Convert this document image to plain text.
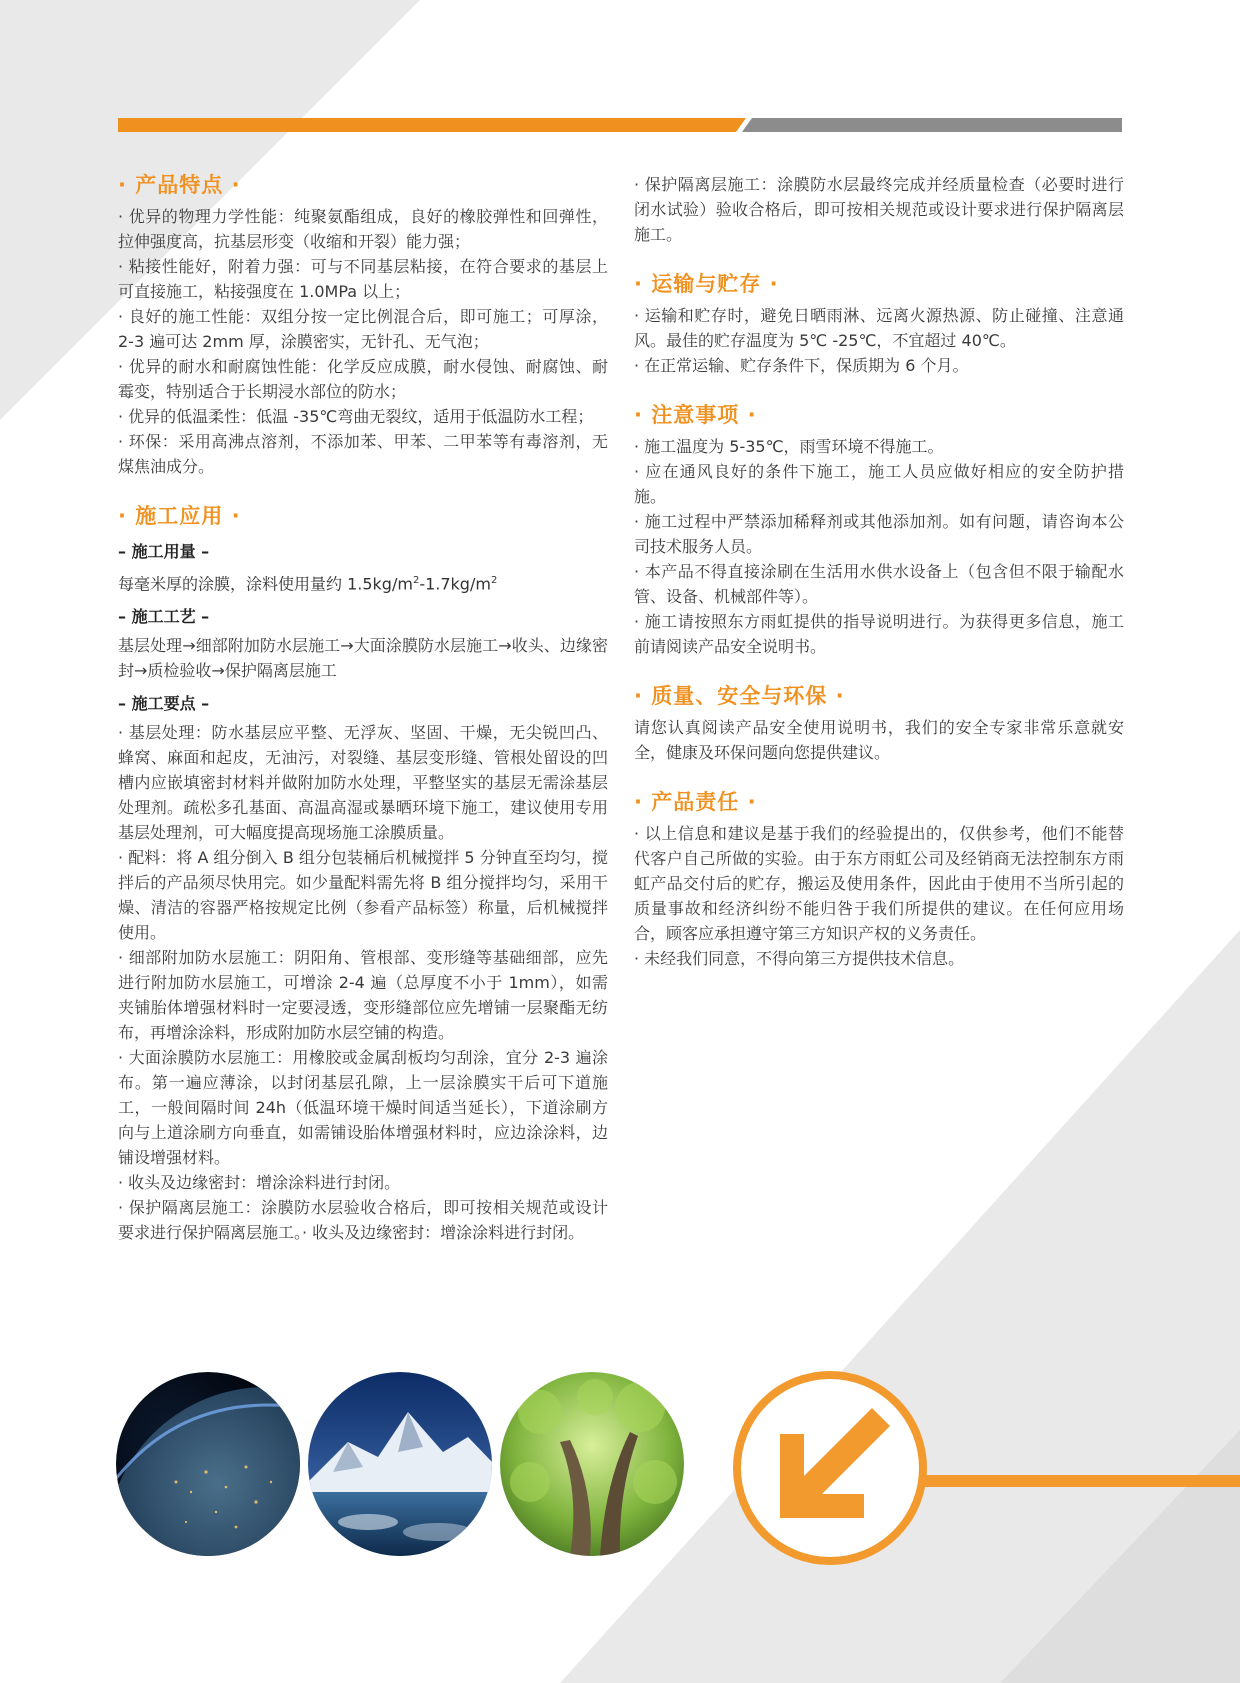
· 产品特点 ·

· 优异的物理力学性能：纯聚氨酯组成，良好的橡胶弹性和回弹性，拉伸强度高，抗基层形变（收缩和开裂）能力强；

· 粘接性能好，附着力强：可与不同基层粘接，在符合要求的基层上可直接施工，粘接强度在 1.0MPa 以上；

· 良好的施工性能：双组分按一定比例混合后，即可施工；可厚涂，2-3 遍可达 2mm 厚，涂膜密实，无针孔、无气泡；

· 优异的耐水和耐腐蚀性能：化学反应成膜，耐水侵蚀、耐腐蚀、耐霉变，特别适合于长期浸水部位的防水；

· 优异的低温柔性：低温 -35℃弯曲无裂纹，适用于低温防水工程；

· 环保：采用高沸点溶剂，不添加苯、甲苯、二甲苯等有毒溶剂，无煤焦油成分。

· 施工应用 ·
– 施工用量 –

每毫米厚的涂膜，涂料使用量约 $1.5kg/m^2-1.7kg/m^2$

– 施工工艺 –

基层处理→细部附加防水层施工→大面涂膜防水层施工→收头、边缘密封→质检验收→保护隔离层施工

– 施工要点 –

· 基层处理：防水基层应平整、无浮灰、坚固、干燥，无尖锐凹凸、蜂窝、麻面和起皮，无油污，对裂缝、基层变形缝、管根处留设的凹槽内应嵌填密封材料并做附加防水处理，平整坚实的基层无需涂基层处理剂。疏松多孔基面、高温高湿或暴晒环境下施工，建议使用专用基层处理剂，可大幅度提高现场施工涂膜质量。

· 配料：将 A 组分倒入 B 组分包装桶后机械搅拌 5 分钟直至均匀，搅拌后的产品须尽快用完。如少量配料需先将 B 组分搅拌均匀，采用干燥、清洁的容器严格按规定比例（参看产品标签）称量，后机械搅拌使用。

· 细部附加防水层施工：阴阳角、管根部、变形缝等基础细部，应先进行附加防水层施工，可增涂 2-4 遍（总厚度不小于 1mm），如需夹铺胎体增强材料时一定要浸透，变形缝部位应先增铺一层聚酯无纺布，再增涂涂料，形成附加防水层空铺的构造。

· 大面涂膜防水层施工：用橡胶或金属刮板均匀刮涂，宜分 2-3 遍涂布。第一遍应薄涂，以封闭基层孔隙，上一层涂膜实干后可下道施工，一般间隔时间 24h（低温环境干燥时间适当延长），下道涂刷方向与上道涂刷方向垂直，如需铺设胎体增强材料时，应边涂涂料，边铺设增强材料。

· 收头及边缘密封：增涂涂料进行封闭。

· 保护隔离层施工：涂膜防水层验收合格后，即可按相关规范或设计要求进行保护隔离层施工。· 收头及边缘密封：增涂涂料进行封闭。

· 保护隔离层施工：涂膜防水层最终完成并经质量检查（必要时进行闭水试验）验收合格后，即可按相关规范或设计要求进行保护隔离层施工。

· 运输与贮存 ·

· 运输和贮存时，避免日晒雨淋、远离火源热源、防止碰撞、注意通风。最佳的贮存温度为 5℃ -25℃，不宜超过 40℃。

· 在正常运输、贮存条件下，保质期为 6 个月。

· 注意事项 ·

· 施工温度为 5-35℃，雨雪环境不得施工。

· 应在通风良好的条件下施工，施工人员应做好相应的安全防护措施。

· 施工过程中严禁添加稀释剂或其他添加剂。如有问题，请咨询本公司技术服务人员。

· 本产品不得直接涂刷在生活用水供水设备上（包含但不限于输配水管、设备、机械部件等）。

· 施工请按照东方雨虹提供的指导说明进行。为获得更多信息，施工前请阅读产品安全说明书。

· 质量、安全与环保 ·

请您认真阅读产品安全使用说明书，我们的安全专家非常乐意就安全，健康及环保问题向您提供建议。

· 产品责任 ·

· 以上信息和建议是基于我们的经验提出的，仅供参考，他们不能替代客户自己所做的实验。由于东方雨虹公司及经销商无法控制东方雨虹产品交付后的贮存，搬运及使用条件，因此由于使用不当所引起的质量事故和经济纠纷不能归咎于我们所提供的建议。在任何应用场合，顾客应承担遵守第三方知识产权的义务责任。

· 未经我们同意，不得向第三方提供技术信息。
